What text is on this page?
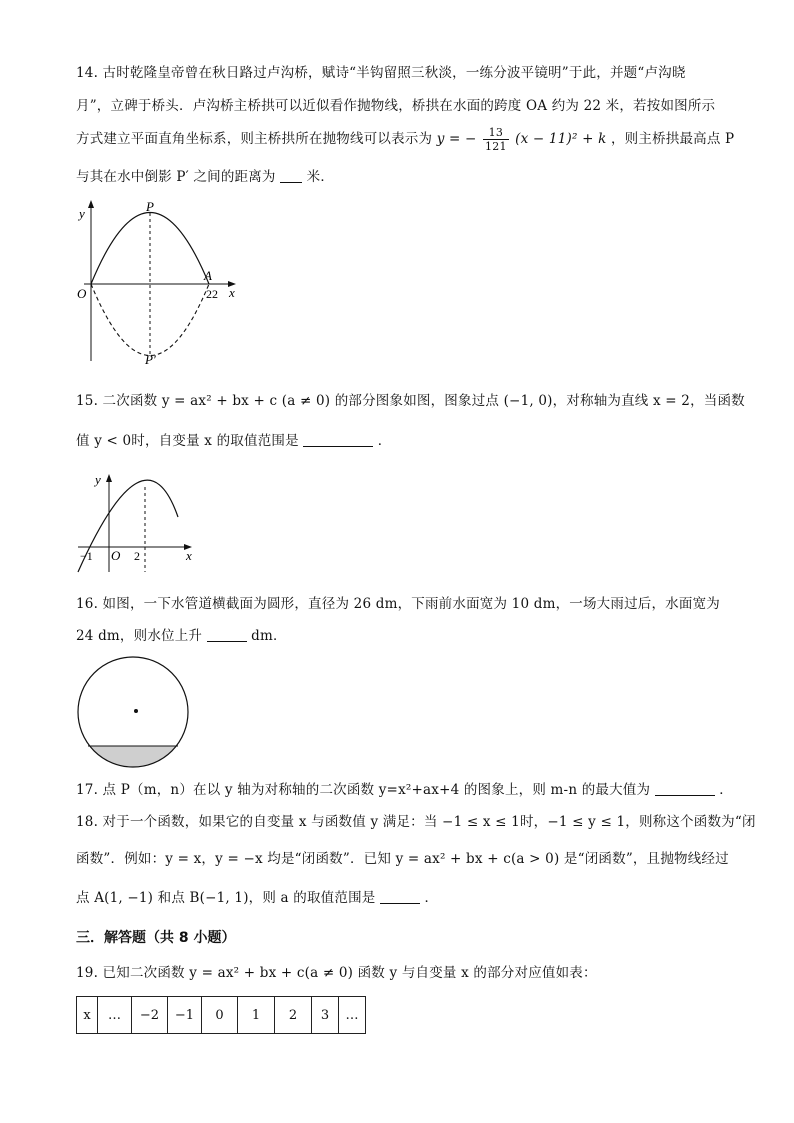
14. 古时乾隆皇帝曾在秋日路过卢沟桥，赋诗“半钩留照三秋淡，一练分波平镜明”于此，并题“卢沟晓
月”，立碑于桥头．卢沟桥主桥拱可以近似看作抛物线，桥拱在水面的跨度 OA 约为 22 米，若按如图所示
方式建立平面直角坐标系，则主桥拱所在抛物线可以表示为 y = − $\frac{13}{121} (x - 11)^2 + k$ ，则主桥拱最高点 P
与其在水中倒影 P′ 之间的距离为 米．
y
x
O
P
P′
A
22
15. 二次函数 y = ax² + bx + c (a ≠ 0) 的部分图象如图，图象过点 (−1, 0)，对称轴为直线 x = 2，当函数
值 y < 0时，自变量 x 的取值范围是	．
y
x
O
−1	2
16. 如图，一下水管道横截面为圆形，直径为 26 dm，下雨前水面宽为 10 dm，一场大雨过后，水面宽为
24 dm，则水位上升	dm．
17. 点 P（m，n）在以 y 轴为对称轴的二次函数 y=x²+ax+4 的图象上，则 m-n 的最大值为	．
18. 对于一个函数，如果它的自变量 x 与函数值 y 满足：当 −1 ≤ x ≤ 1时，−1 ≤ y ≤ 1，则称这个函数为“闭
函数”．例如：y = x，y = −x 均是“闭函数”．已知 y = ax² + bx + c(a > 0) 是“闭函数”，且抛物线经过
点 A(1, −1) 和点 B(−1, 1)，则 a 的取值范围是	．
三．解答题（共 8 小题）
19. 已知二次函数 y = ax² + bx + c(a ≠ 0) 函数 y 与自变量 x 的部分对应值如表：
x	…	−2	−1	0	1	2	3	…
